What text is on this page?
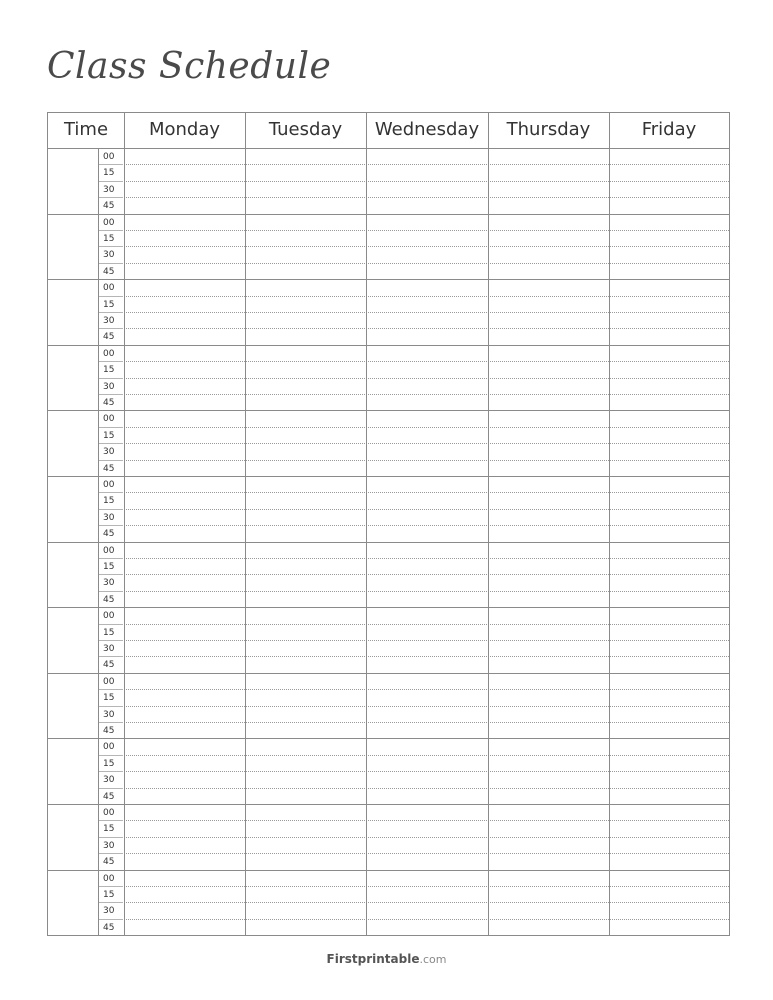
Class Schedule
Time	Monday	Tuesday	Wednesday	Thursday	Friday
00
15
30
45
00
15
30
45
00
15
30
45
00
15
30
45
00
15
30
45
00
15
30
45
00
15
30
45
00
15
30
45
00
15
30
45
00
15
30
45
00
15
30
45
00
15
30
45
Firstprintable.com
